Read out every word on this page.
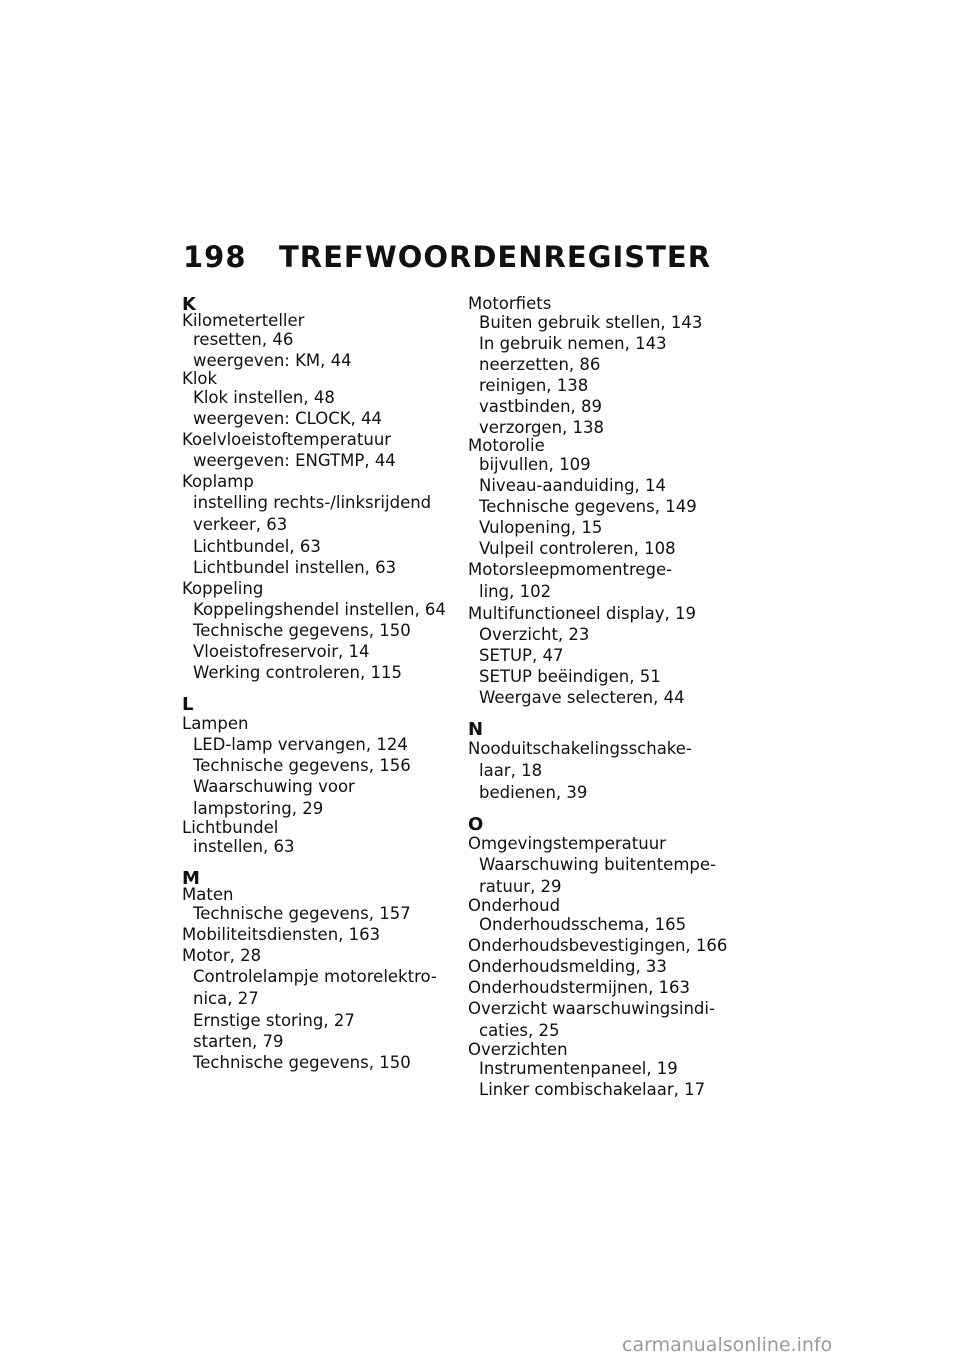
198 TREFWOORDENREGISTER
K
Kilometerteller
resetten, 46
weergeven: KM, 44
Klok
Klok instellen, 48
weergeven: CLOCK, 44
Koelvloeistoftemperatuur
weergeven: ENGTMP, 44
Koplamp
instelling rechts-/linksrijdend
verkeer, 63
Lichtbundel, 63
Lichtbundel instellen, 63
Koppeling
Koppelingshendel instellen, 64
Technische gegevens, 150
Vloeistofreservoir, 14
Werking controleren, 115
L
Lampen
LED-lamp vervangen, 124
Technische gegevens, 156
Waarschuwing voor
lampstoring, 29
Lichtbundel
instellen, 63
M
Maten
Technische gegevens, 157
Mobiliteitsdiensten, 163
Motor, 28
Controlelampje motorelektro-
nica, 27
Ernstige storing, 27
starten, 79
Technische gegevens, 150
Motorfiets
Buiten gebruik stellen, 143
In gebruik nemen, 143
neerzetten, 86
reinigen, 138
vastbinden, 89
verzorgen, 138
Motorolie
bijvullen, 109
Niveau-aanduiding, 14
Technische gegevens, 149
Vulopening, 15
Vulpeil controleren, 108
Motorsleepmomentrege-
ling, 102
Multifunctioneel display, 19
Overzicht, 23
SETUP, 47
SETUP beëindigen, 51
Weergave selecteren, 44
N
Nooduitschakelingsschake-
laar, 18
bedienen, 39
O
Omgevingstemperatuur
Waarschuwing buitentempe-
ratuur, 29
Onderhoud
Onderhoudsschema, 165
Onderhoudsbevestigingen, 166
Onderhoudsmelding, 33
Onderhoudstermijnen, 163
Overzicht waarschuwingsindi-
caties, 25
Overzichten
Instrumentenpaneel, 19
Linker combischakelaar, 17
carmanualsonline.info
